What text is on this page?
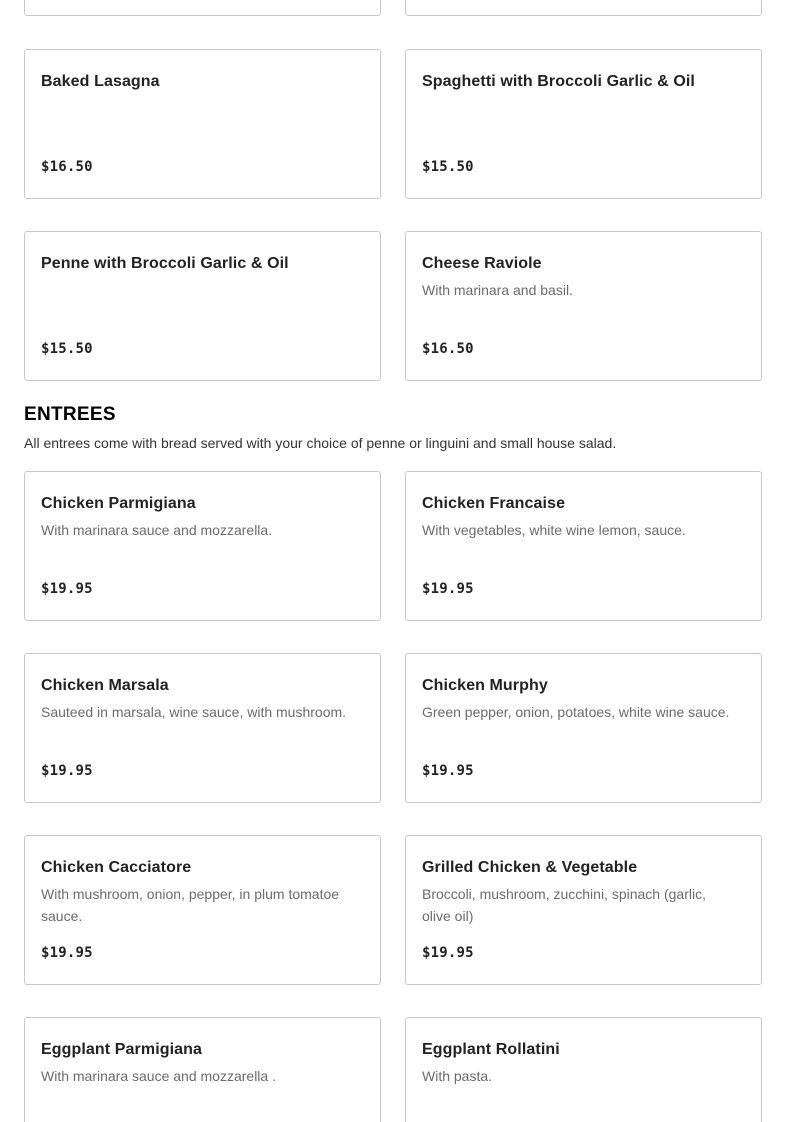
Baked Lasagna
$16.50
Spaghetti with Broccoli Garlic & Oil
$15.50
Penne with Broccoli Garlic & Oil
$15.50
Cheese Raviole
With marinara and basil.
$16.50
ENTREES
All entrees come with bread served with your choice of penne or linguini and small house salad.
Chicken Parmigiana
With marinara sauce and mozzarella.
$19.95
Chicken Francaise
With vegetables, white wine lemon, sauce.
$19.95
Chicken Marsala
Sauteed in marsala, wine sauce, with mushroom.
$19.95
Chicken Murphy
Green pepper, onion, potatoes, white wine sauce.
$19.95
Chicken Cacciatore
With mushroom, onion, pepper, in plum tomatoe sauce.
$19.95
Grilled Chicken & Vegetable
Broccoli, mushroom, zucchini, spinach (garlic, olive oil)
$19.95
Eggplant Parmigiana
With marinara sauce and mozzarella .
Eggplant Rollatini
With pasta.
